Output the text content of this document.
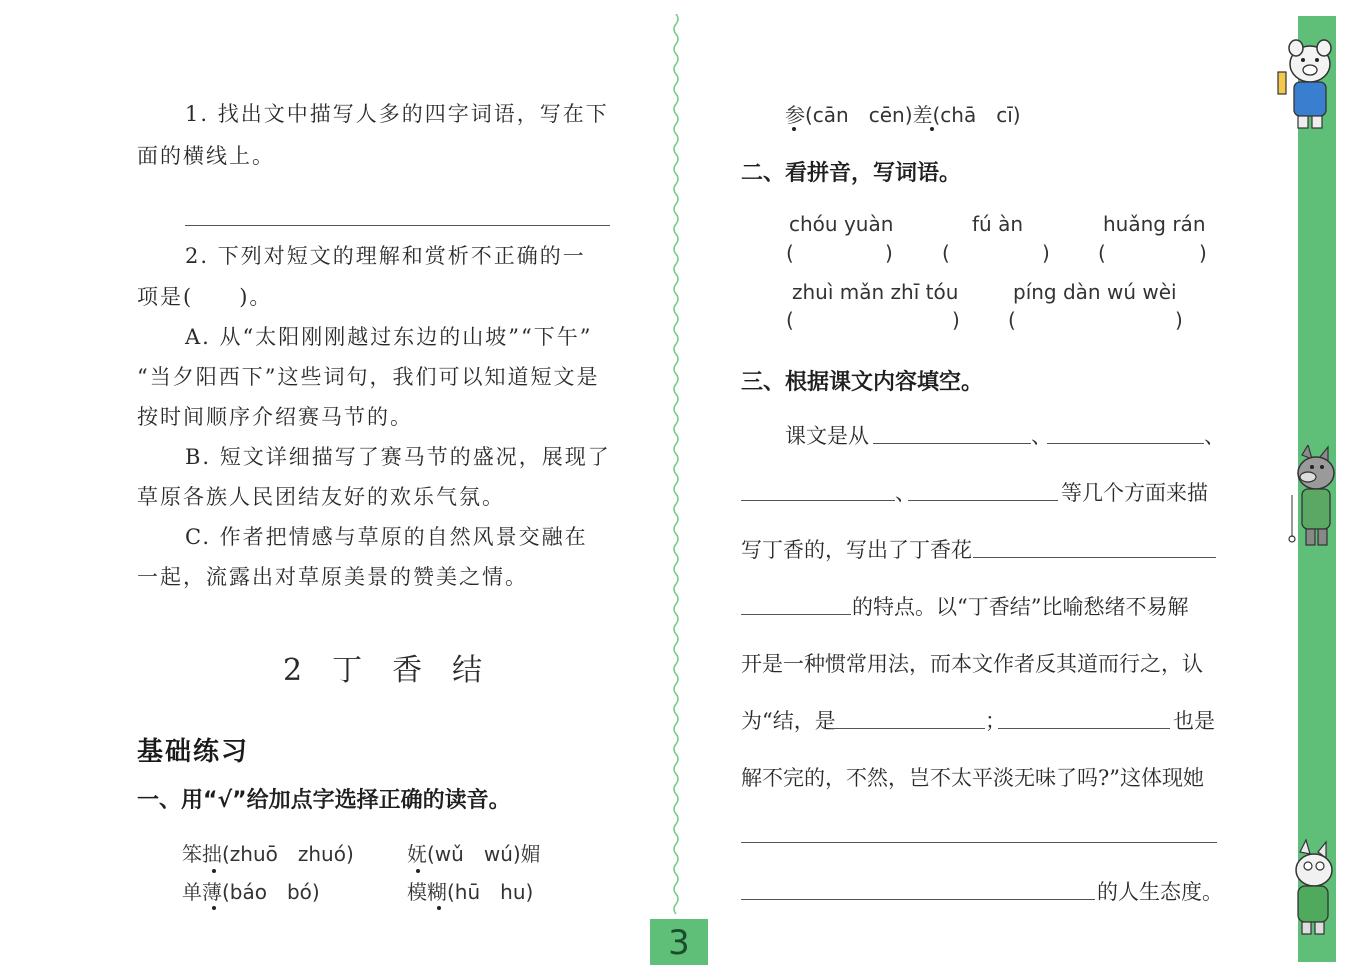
1. 找出文中描写人多的四字词语，写在下
面的横线上。
2. 下列对短文的理解和赏析不正确的一
项是(　　)。
A. 从“太阳刚刚越过东边的山坡”“下午”
“当夕阳西下”这些词句，我们可以知道短文是
按时间顺序介绍赛马节的。
B. 短文详细描写了赛马节的盛况，展现了
草原各族人民团结友好的欢乐气氛。
C. 作者把情感与草原的自然风景交融在
一起，流露出对草原美景的赞美之情。
2　丁　香　结
基础练习
一、用“√”给加点字选择正确的读音。
笨拙(zhuō　zhuó)	妩(wǔ　wú)媚
单薄(báo　bó)	模糊(hū　hu)
3
参(cān　cēn)差(chā　cī)
二、看拼音，写词语。
chóu yuàn	fú àn	huǎng rán
(	) (	) (	)
zhuì mǎn zhī tóu	píng dàn wú wèi
(	) (	)
三、根据课文内容填空。
课文是从	、	、
、	等几个方面来描
写丁香的，写出了丁香花
的特点。以“丁香结”比喻愁绪不易解
开是一种惯常用法，而本文作者反其道而行之，认
为“结，是	；	也是
解不完的，不然，岂不太平淡无味了吗?”这体现她
的人生态度。
